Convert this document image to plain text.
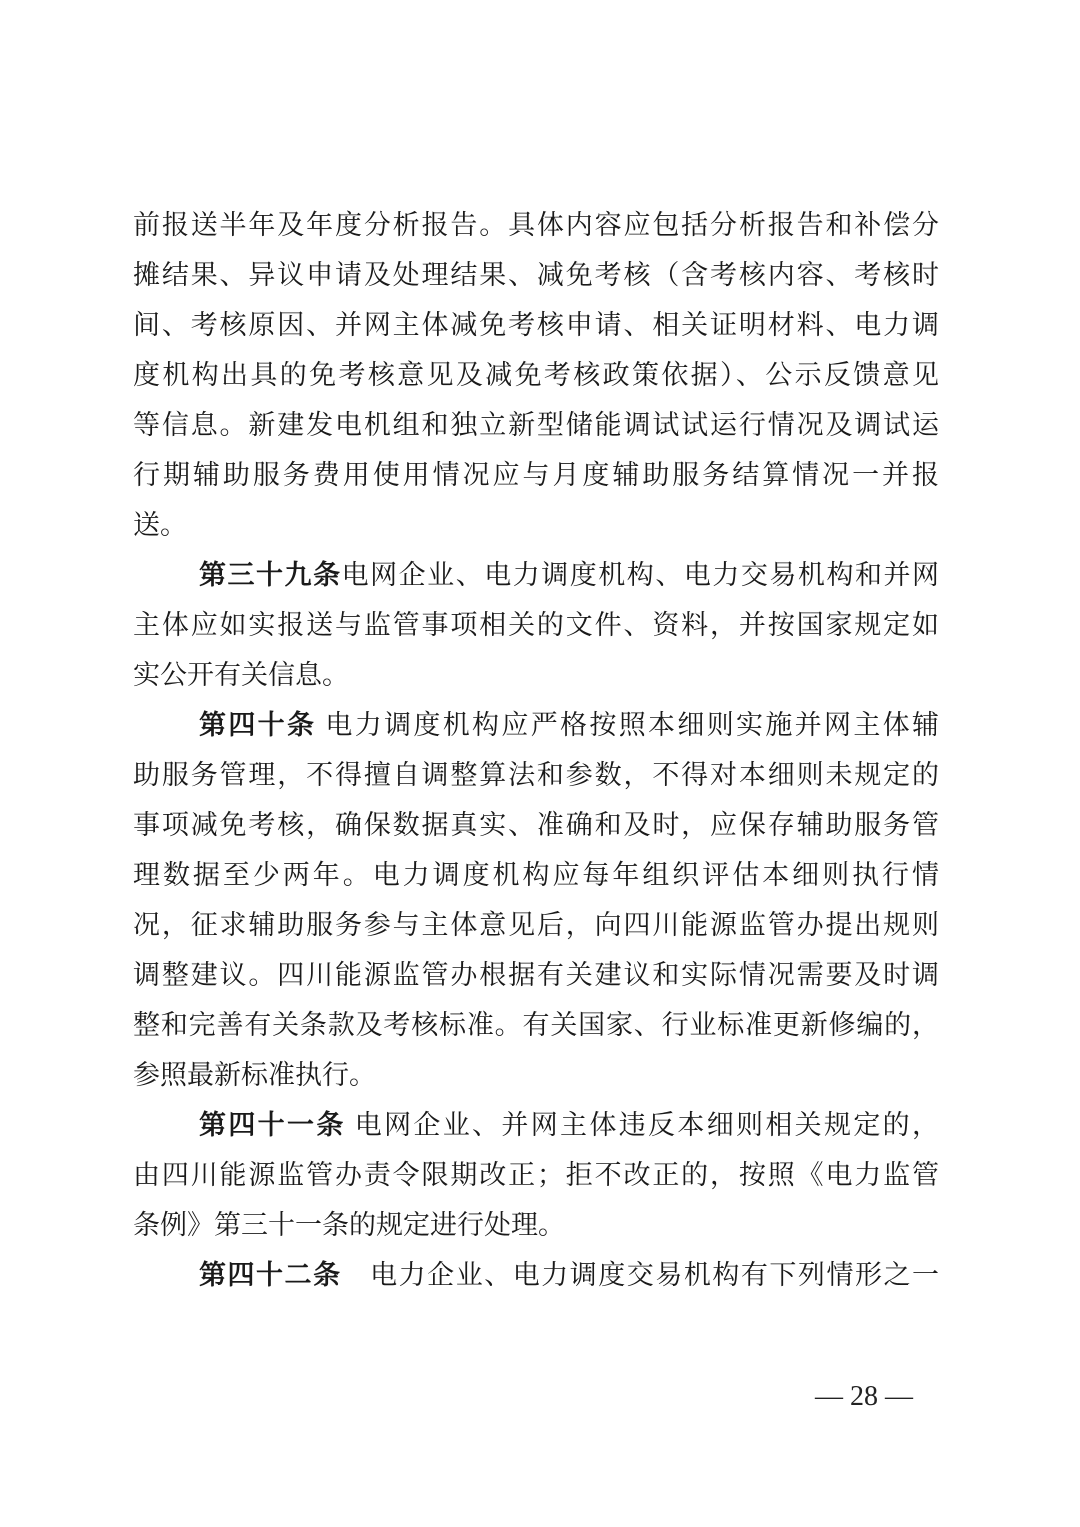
前报送半年及年度分析报告。具体内容应包括分析报告和补偿分
摊结果、异议申请及处理结果、减免考核（含考核内容、考核时
间、考核原因、并网主体减免考核申请、相关证明材料、电力调
度机构出具的免考核意见及减免考核政策依据）、公示反馈意见
等信息。新建发电机组和独立新型储能调试试运行情况及调试运
行期辅助服务费用使用情况应与月度辅助服务结算情况一并报
送。
第三十九条电网企业、电力调度机构、电力交易机构和并网
主体应如实报送与监管事项相关的文件、资料，并按国家规定如
实公开有关信息。
第四十条 电力调度机构应严格按照本细则实施并网主体辅
助服务管理，不得擅自调整算法和参数，不得对本细则未规定的
事项减免考核，确保数据真实、准确和及时，应保存辅助服务管
理数据至少两年。电力调度机构应每年组织评估本细则执行情
况，征求辅助服务参与主体意见后，向四川能源监管办提出规则
调整建议。四川能源监管办根据有关建议和实际情况需要及时调
整和完善有关条款及考核标准。有关国家、行业标准更新修编的，
参照最新标准执行。
第四十一条 电网企业、并网主体违反本细则相关规定的，
由四川能源监管办责令限期改正；拒不改正的，按照《电力监管
条例》第三十一条的规定进行处理。
第四十二条　电力企业、电力调度交易机构有下列情形之一
— 28 —
